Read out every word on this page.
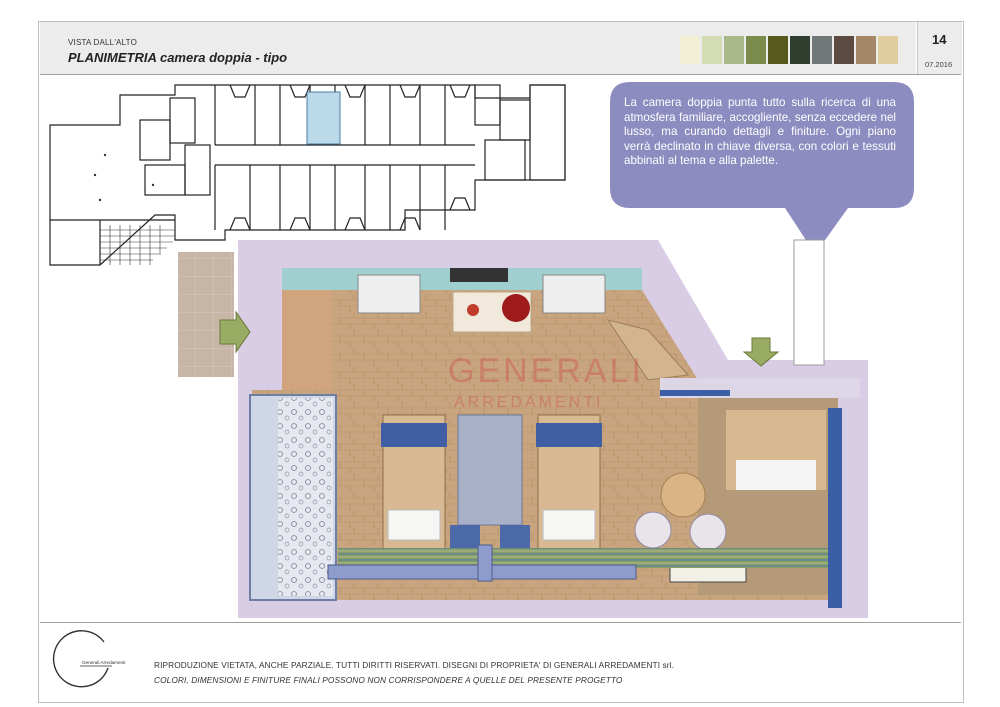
VISTA DALL'ALTO
PLANIMETRIA camera doppia - tipo
14
07.2016
La camera doppia punta tutto sulla ricerca di una atmosfera familiare, accogliente, senza eccedere nel lusso, ma curando dettagli e finiture. Ogni piano verrà declinato in chiave diversa, con colori e tessuti abbinati al tema e alla palette.
GENERALI
ARREDAMENTI
Generali Arredamenti	RIPRODUZIONE VIETATA, ANCHE PARZIALE. TUTTI DIRITTI RISERVATI. DISEGNI DI PROPRIETA' DI GENERALI ARREDAMENTI srl.
COLORI, DIMENSIONI E FINITURE FINALI POSSONO NON CORRISPONDERE A QUELLE DEL PRESENTE PROGETTO
